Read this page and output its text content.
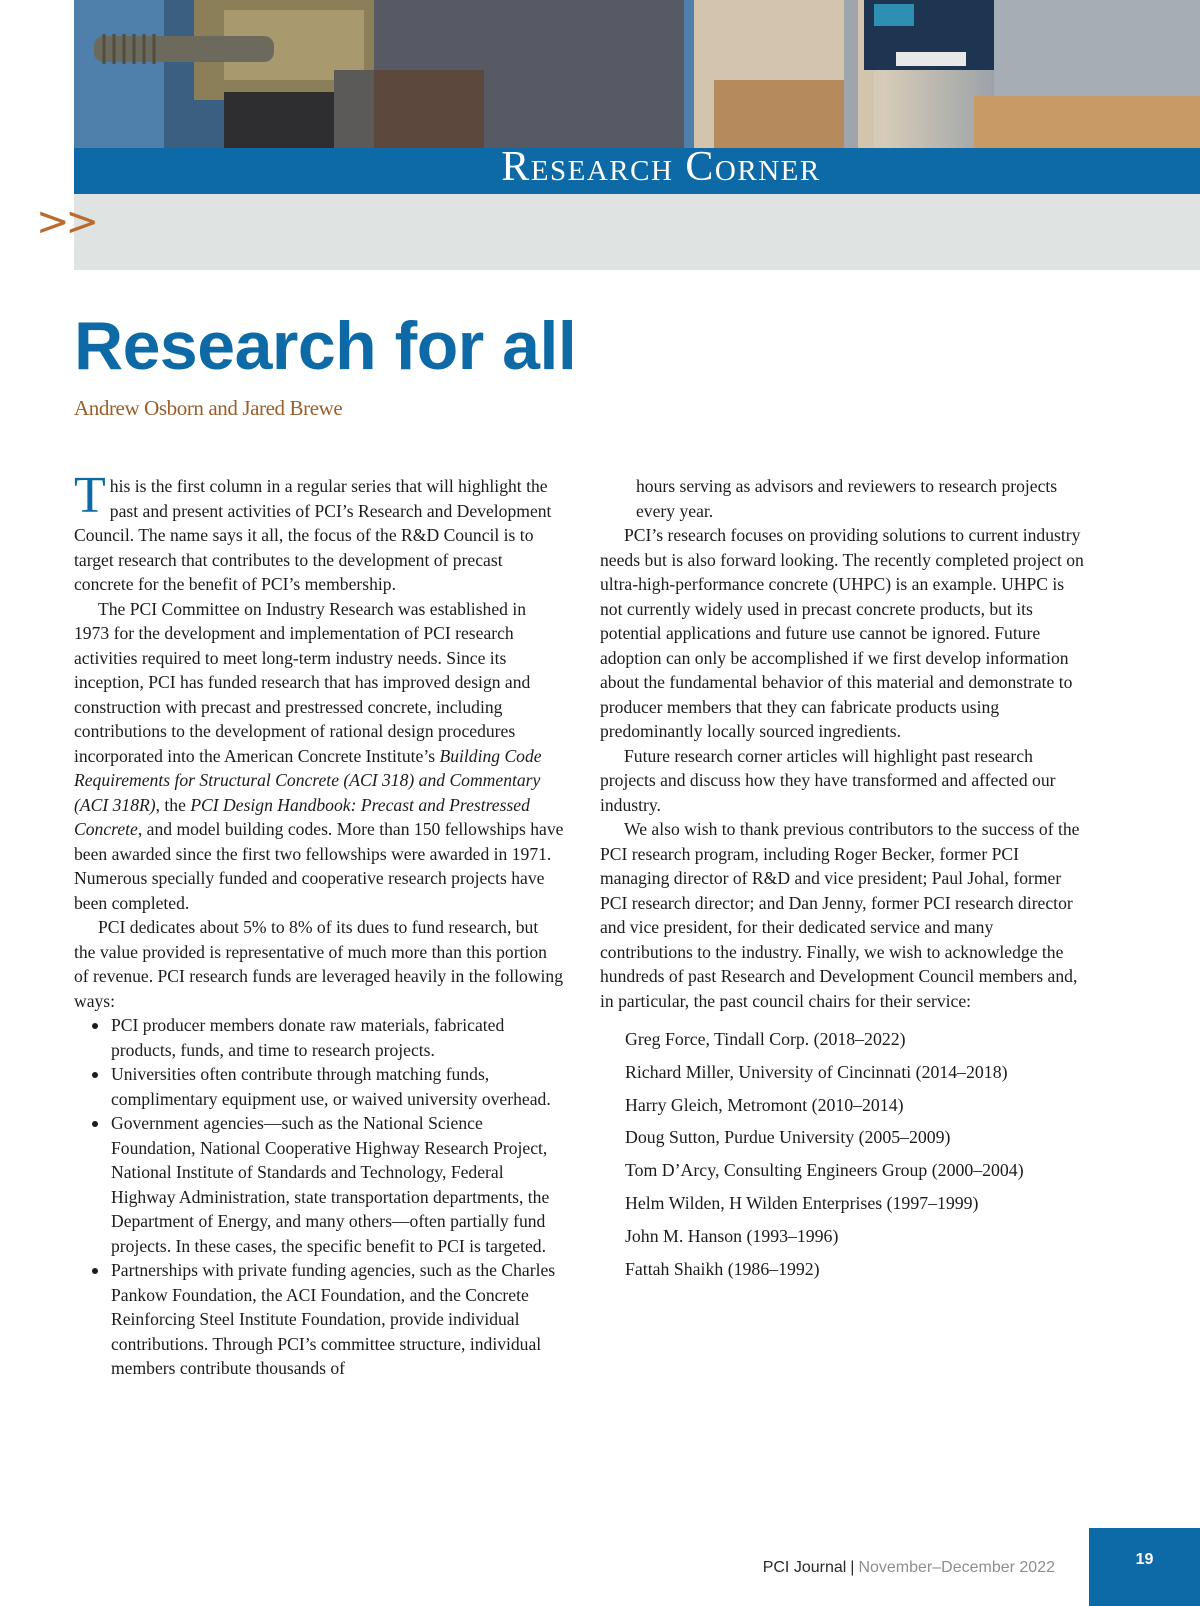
Research Corner
>>
Research for all
Andrew Osborn and Jared Brewe

This is the first column in a regular series that will highlight the past and present activities of PCI’s Research and Development Council. The name says it all, the focus of the R&D Council is to target research that contributes to the development of precast concrete for the benefit of PCI’s membership.

The PCI Committee on Industry Research was established in 1973 for the development and implementation of PCI research activities required to meet long-term industry needs. Since its inception, PCI has funded research that has improved design and construction with precast and prestressed concrete, including contributions to the development of rational design procedures incorporated into the American Concrete Institute’s Building Code Requirements for Structural Concrete (ACI 318) and Commentary (ACI 318R), the PCI Design Handbook: Precast and Prestressed Concrete, and model building codes. More than 150 fellowships have been awarded since the first two fellowships were awarded in 1971. Numerous specially funded and cooperative research projects have been completed.

PCI dedicates about 5% to 8% of its dues to fund research, but the value provided is representative of much more than this portion of revenue. PCI research funds are leveraged heavily in the following ways:

PCI producer members donate raw materials, fabricated products, funds, and time to research projects.
Universities often contribute through matching funds, complimentary equipment use, or waived university overhead.
Government agencies—such as the National Science Foundation, National Cooperative Highway Research Project, National Institute of Standards and Technology, Federal Highway Administration, state transportation departments, the Department of Energy, and many others—often partially fund projects. In these cases, the specific benefit to PCI is targeted.
Partnerships with private funding agencies, such as the Charles Pankow Foundation, the ACI Foundation, and the Concrete Reinforcing Steel Institute Foundation, provide individual contributions. Through PCI’s committee structure, individual members contribute thousands of

hours serving as advisors and reviewers to research projects every year.

PCI’s research focuses on providing solutions to current industry needs but is also forward looking. The recently completed project on ultra-high-performance concrete (UHPC) is an example. UHPC is not currently widely used in precast concrete products, but its potential applications and future use cannot be ignored. Future adoption can only be accomplished if we first develop information about the fundamental behavior of this material and demonstrate to producer members that they can fabricate products using predominantly locally sourced ingredients.

Future research corner articles will highlight past research projects and discuss how they have transformed and affected our industry.

We also wish to thank previous contributors to the success of the PCI research program, including Roger Becker, former PCI managing director of R&D and vice president; Paul Johal, former PCI research director; and Dan Jenny, former PCI research director and vice president, for their dedicated service and many contributions to the industry. Finally, we wish to acknowledge the hundreds of past Research and Development Council members and, in particular, the past council chairs for their service:

Greg Force, Tindall Corp. (2018–2022)
Richard Miller, University of Cincinnati (2014–2018)
Harry Gleich, Metromont (2010–2014)
Doug Sutton, Purdue University (2005–2009)
Tom D’Arcy, Consulting Engineers Group (2000–2004)
Helm Wilden, H Wilden Enterprises (1997–1999)
John M. Hanson (1993–1996)
Fattah Shaikh (1986–1992)
PCI Journal | November–December 2022	19
